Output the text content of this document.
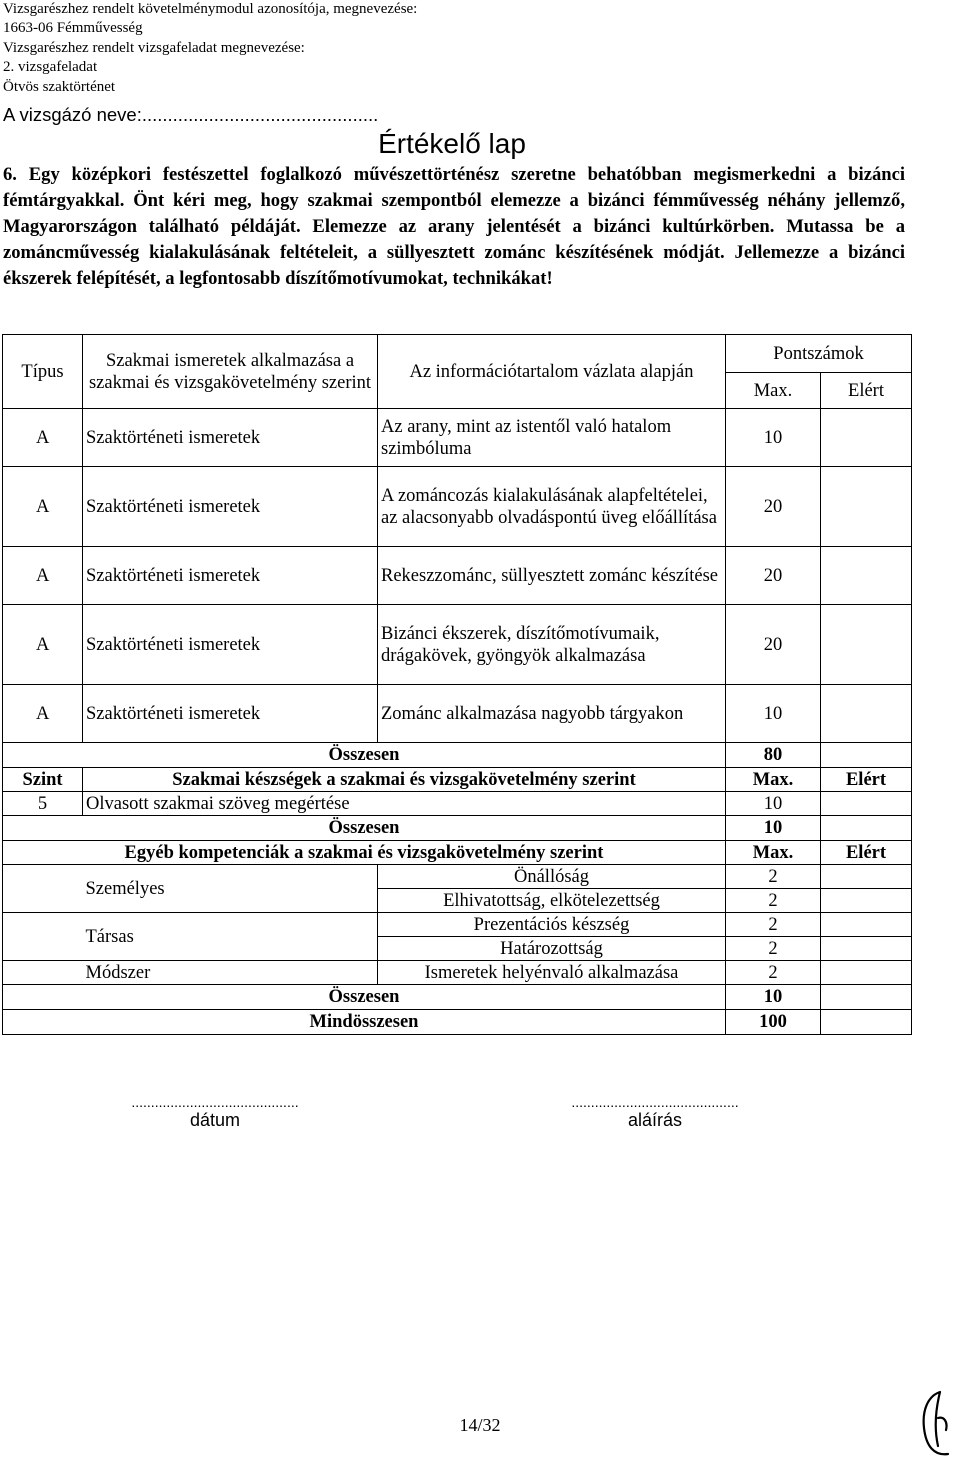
Vizsgarészhez rendelt követelménymodul azonosítója, megnevezése:
1663-06 Fémművesség
Vizsgarészhez rendelt vizsgafeladat megnevezése:
2. vizsgafeladat
Ötvös szaktörténet
A vizsgázó neve:..............................................
Értékelő lap
6. Egy középkori festészettel foglalkozó művészettörténész szeretne behatóbban megismerkedni a bizánci fémtárgyakkal. Önt kéri meg, hogy szakmai szempontból elemezze a bizánci fémművesség néhány jellemző, Magyarországon található példáját. Elemezze az arany jelentését a bizánci kultúrkörben. Mutassa be a zománcművesség kialakulásának feltételeit, a süllyesztett zománc készítésének módját. Jellemezze a bizánci ékszerek felépítését, a legfontosabb díszítőmotívumokat, technikákat!
Típus	Szakmai ismeretek alkalmazása a szakmai és vizsgakövetelmény szerint	Az információtartalom vázlata alapján	Pontszámok	
			Max.	Elért
A	Szaktörténeti ismeretek	Az arany, mint az istentől való hatalom szimbóluma	10	
A	Szaktörténeti ismeretek	A zománcozás kialakulásának alapfeltételei, az alacsonyabb olvadáspontú üveg előállítása	20	
A	Szaktörténeti ismeretek	Rekeszzománc, süllyesztett zománc készítése	20	
A	Szaktörténeti ismeretek	Bizánci ékszerek, díszítőmotívumaik, drágakövek, gyöngyök alkalmazása	20	
A	Szaktörténeti ismeretek	Zománc alkalmazása nagyobb tárgyakon	10	
Összesen			80	
Szint	Szakmai készségek a szakmai és vizsgakövetelmény szerint		Max.	Elért
5	Olvasott szakmai szöveg megértése		10	
Összesen			10	
Egyéb kompetenciák a szakmai és vizsgakövetelmény szerint			Max.	Elért
	Személyes	Önállóság	2	
		Elhivatottság, elkötelezettség	2	
	Társas	Prezentációs készség	2	
		Határozottság	2	
	Módszer	Ismeretek helyénvaló alkalmazása	2	
Összesen			10	
Mindösszesen			100	
...........................................
dátum
...........................................
aláírás
14/32
